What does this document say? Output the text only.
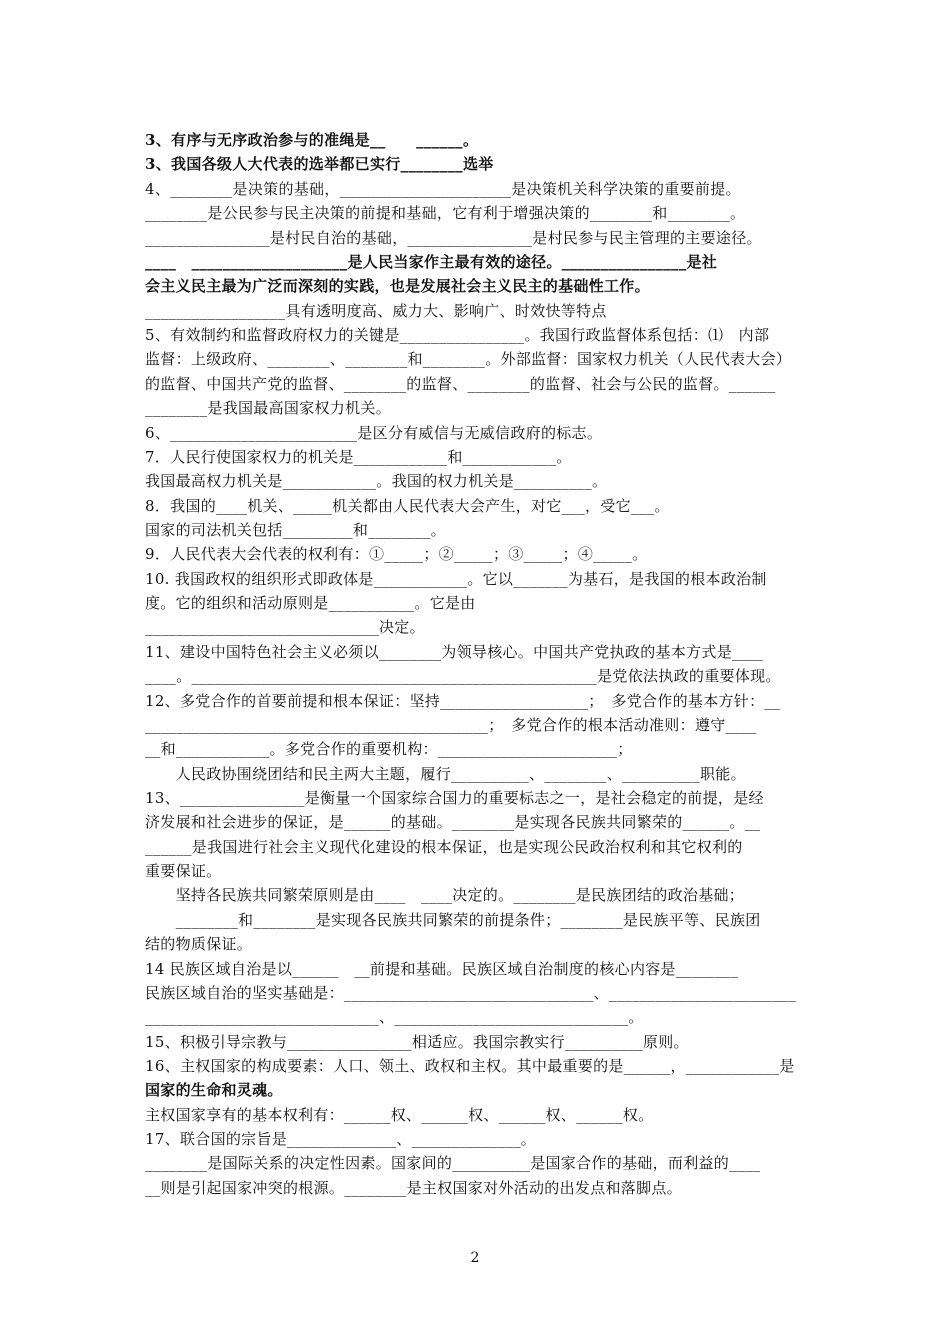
3、有序与无序政治参与的准绳是__　　______。
3、我国各级人大代表的选举都已实行________选举
4、________是决策的基础，______________________是决策机关科学决策的重要前提。
________是公民参与民主决策的前提和基础，它有利于增强决策的________和________。
________________是村民自治的基础，________________是村民参与民主管理的主要途径。
____　____________________是人民当家作主最有效的途径。________________是社
会主义民主最为广泛而深刻的实践，也是发展社会主义民主的基础性工作。
__________________具有透明度高、威力大、影响广、时效快等特点
5、有效制约和监督政府权力的关键是________________。我国行政监督体系包括：⑴　内部
监督：上级政府、________、________和________。外部监督：国家权力机关（人民代表大会）
的监督、中国共产党的监督、________的监督、________的监督、社会与公民的监督。______
________是我国最高国家权力机关。
6、________________________是区分有威信与无威信政府的标志。
7．人民行使国家权力的机关是____________和____________。
我国最高权力机关是____________。我国的权力机关是__________。
8．我国的____机关、_____机关都由人民代表大会产生，对它___，受它___。
国家的司法机关包括_________和________。
9．人民代表大会代表的权利有：①_____；②_____；③_____；④_____。
10. 我国政权的组织形式即政体是____________。它以_______为基石，是我国的根本政治制
度。它的组织和活动原则是___________。它是由
______________________________决定。
11、建设中国特色社会主义必须以________为领导核心。中国共产党执政的基本方式是____
____。____________________________________________________是党依法执政的重要体现。
12、多党合作的首要前提和根本保证：坚持___________________；　多党合作的基本方针：__
____________________________________________；　多党合作的根本活动准则：遵守____
__和____________。多党合作的重要机构：_______________________；
　　人民政协围绕团结和民主两大主题，履行__________、________、__________职能。
13、________________是衡量一个国家综合国力的重要标志之一，是社会稳定的前提，是经
济发展和社会进步的保证，是______的基础。________是实现各民族共同繁荣的______。__
______是我国进行社会主义现代化建设的根本保证，也是实现公民政治权利和其它权利的
重要保证。
　　坚持各民族共同繁荣原则是由____　____决定的。________是民族团结的政治基础；
　　________和________是实现各民族共同繁荣的前提条件；________是民族平等、民族团
结的物质保证。
14 民族区域自治是以______　__前提和基础。民族区域自治制度的核心内容是________
民族区域自治的坚实基础是：________________________________、________________________
______________________________、______________________________。
15、积极引导宗教与________________相适应。我国宗教实行__________原则。
16、主权国家的构成要素：人口、领土、政权和主权。其中最重要的是______，____________是
国家的生命和灵魂。
主权国家享有的基本权利有：______权、______权、______权、______权。
17、联合国的宗旨是______________、______________。
________是国际关系的决定性因素。国家间的__________是国家合作的基础，而利益的____
__则是引起国家冲突的根源。________是主权国家对外活动的出发点和落脚点。
2
